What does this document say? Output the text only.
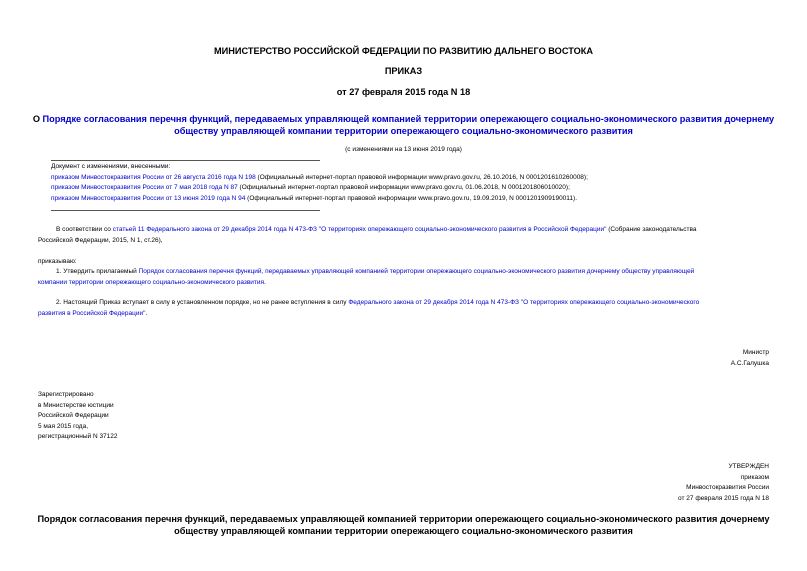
МИНИСТЕРСТВО РОССИЙСКОЙ ФЕДЕРАЦИИ ПО РАЗВИТИЮ ДАЛЬНЕГО ВОСТОКА
ПРИКАЗ
от 27 февраля 2015 года N 18
О Порядке согласования перечня функций, передаваемых управляющей компанией территории опережающего социально-экономического развития дочернему
обществу управляющей компании территории опережающего социально-экономического развития
(с изменениями на 13 июня 2019 года)

Документ с изменениями, внесенными:

приказом Минвостокразвития России от 26 августа 2016 года N 198 (Официальный интернет-портал правовой информации www.pravo.gov.ru, 26.10.2016, N 0001201610260008);

приказом Минвостокразвития России от 7 мая 2018 года N 87 (Официальный интернет-портал правовой информации www.pravo.gov.ru, 01.06.2018, N 0001201806010020);

приказом Минвостокразвития России от 13 июня 2019 года N 94 (Официальный интернет-портал правовой информации www.pravo.gov.ru, 19.09.2019, N 0001201909190011).

В соответствии со статьей 11 Федерального закона от 29 декабря 2014 года N 473-ФЗ "О территориях опережающего социально-экономического развития в Российской Федерации" (Собрание законодательства

Российской Федерации, 2015, N 1, ст.26),

приказываю:

1. Утвердить прилагаемый Порядок согласования перечня функций, передаваемых управляющей компанией территории опережающего социально-экономического развития дочернему обществу управляющей

компании территории опережающего социально-экономического развития.

2. Настоящий Приказ вступает в силу в установленном порядке, но не ранее вступления в силу Федерального закона от 29 декабря 2014 года N 473-ФЗ "О территориях опережающего социально-экономического

развития в Российской Федерации".

Министр

А.С.Галушка

Зарегистрировано

в Министерстве юстиции

Российской Федерации

5 мая 2015 года,

регистрационный N 37122

УТВЕРЖДЕН

приказом

Минвостокразвития России

от 27 февраля 2015 года N 18

Порядок согласования перечня функций, передаваемых управляющей компанией территории опережающего социально-экономического развития дочернему
обществу управляющей компании территории опережающего социально-экономического развития
